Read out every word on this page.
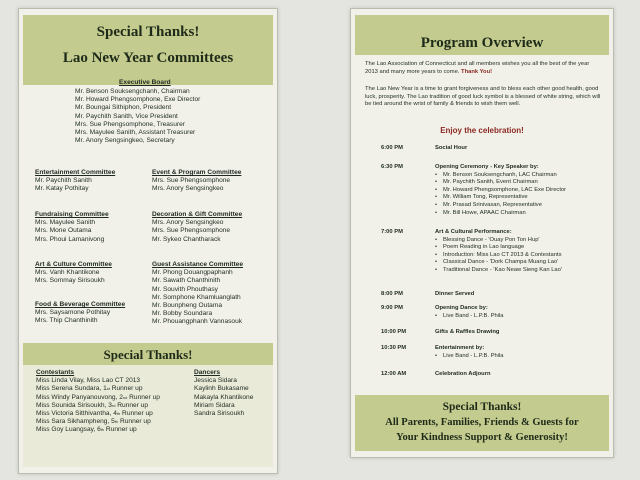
Special Thanks!
Lao New Year Committees
Executive Board
Mr. Benson Souksengchanh, Chairman
Mr. Howard Phengsomphone, Exe Director
Mr. Boungai Sithiphon, President
Mr. Paychith Sanith, Vice President
Mrs. Sue Phengsomphone, Treasurer
Mrs. Mayulee Sanith, Assistant Treasurer
Mr. Anory Sengsingkeo, Secretary
Entertainment Committee
Mr. Paychith Sanith
Mr. Katay Pothitay
Fundraising Committee
Mrs. Mayulee Sanith
Mrs. Mone Outama
Mrs. Phoui Lamanivong
Art & Culture Committee
Mrs. Vanh Khantikone
Mrs. Sommay Sirisoukh
Food & Beverage Committee
Mrs. Saysamone Pothitay
Mrs. Thip Chanthinith
Event & Program Committee
Mrs. Sue Phengsomphone
Mrs. Anory Sengsingkeo
Decoration & Gift Committee
Mrs. Anory Sengsingkeo
Mrs. Sue Phengsomphone
Mr. Sykeo Chantharack
Guest Assistance Committee
Mr. Phong Douangpaphanh
Mr. Sawath Chanthinith
Mr. Souvith Phouthasy
Mr. Somphone Khamluanglath
Mr. Bounpheng Outama
Mr. Bobby Soundara
Mr. Phouangphanh Vannasouk
Special Thanks!
Contestants
Miss Linda Vilay, Miss Lao CT 2013
Miss Serena Sundara, 1st Runner up
Miss Windy Panyanouvong, 2nd Runner up
Miss Sounida Sirisoukh, 3rd Runner up
Miss Victoria Sitthivantha, 4th Runner up
Miss Sara Sikhampheng, 5th Runner up
Miss Goy Luangsay, 6th Runner up
Dancers
Jessica Sidara
Kaylinh Bukasame
Makayla Khantikone
Miriam Sidara
Sandra Sirisoukh
Program Overview
The Lao Association of Connecticut and all members wishes you all the best of the year 2013 and many more years to come. Thank You!
The Lao New Year is a time to grant forgiveness and to bless each other good health, good luck, prosperity. The Lao tradition of good luck symbol is a blessed of white string, which will be tied around the wrist of family & friends to wish them well.
Enjoy the celebration!
6:00 PM	Social Hour
6:30 PM	Opening Ceremony - Key Speaker by:
• Mr. Benson Souksengchanh, LAC Chairman
• Mr. Paychith Sanith, Event Chairman
• Mr. Howard Phengsomphone, LAC Exe Director
• Mr. William Tong, Representative
• Mr. Prasad Srinivasan, Representative
• Mr. Bill Howe, APAAC Chairman
7:00 PM	Art & Cultural Performance:
• Blessing Dance - 'Ouay Pon Ton Hup'
• Poem Reading in Lao language
• Introduction: Miss Lao CT 2013 & Contestants
• Classical Dance - 'Dork Champa Muang Lao'
• Traditional Dance - 'Kao Neaw Sieng Kan Lao'
8:00 PM	Dinner Served
9:00 PM	Opening Dance by:
• Live Band - L.P.B. Phila
10:00 PM	Gifts & Raffles Drawing
10:30 PM	Entertainment by:
• Live Band - L.P.B. Phila
12:00 AM	Celebration Adjourn
Special Thanks!
All Parents, Families, Friends & Guests for
Your Kindness Support & Generosity!
